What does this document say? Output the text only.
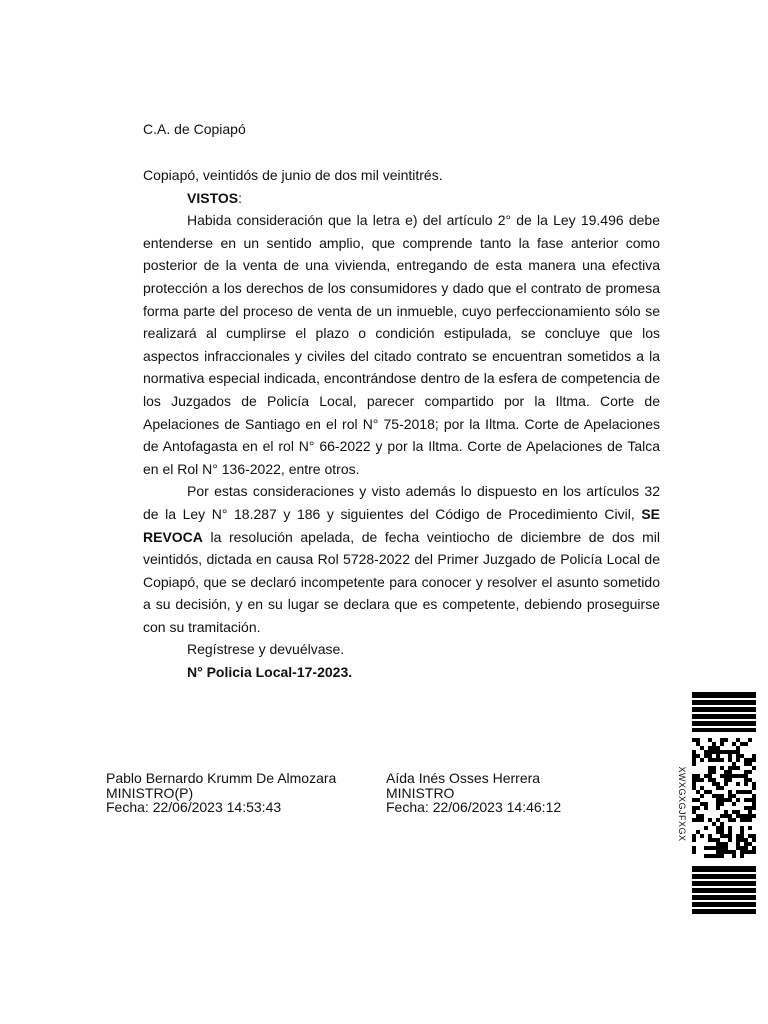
C.A. de Copiapó

Copiapó, veintidós de junio de dos mil veintitrés.

VISTOS:

Habida consideración que la letra e) del artículo 2° de la Ley 19.496 debe entenderse en un sentido amplio, que comprende tanto la fase anterior como posterior de la venta de una vivienda, entregando de esta manera una efectiva protección a los derechos de los consumidores y dado que el contrato de promesa forma parte del proceso de venta de un inmueble, cuyo perfeccionamiento sólo se realizará al cumplirse el plazo o condición estipulada, se concluye que los aspectos infraccionales y civiles del citado contrato se encuentran sometidos a la normativa especial indicada, encontrándose dentro de la esfera de competencia de los Juzgados de Policía Local, parecer compartido por la Iltma. Corte de Apelaciones de Santiago en el rol N° 75-2018; por la Iltma. Corte de Apelaciones de Antofagasta en el rol N° 66-2022 y por la Iltma. Corte de Apelaciones de Talca en el Rol N° 136-2022, entre otros.

Por estas consideraciones y visto además lo dispuesto en los artículos 32 de la Ley N° 18.287 y 186 y siguientes del Código de Procedimiento Civil, SE REVOCA la resolución apelada, de fecha veintiocho de diciembre de dos mil veintidós, dictada en causa Rol 5728-2022 del Primer Juzgado de Policía Local de Copiapó, que se declaró incompetente para conocer y resolver el asunto sometido a su decisión, y en su lugar se declara que es competente, debiendo proseguirse con su tramitación.

Regístrese y devuélvase.

N° Policia Local-17-2023.

Pablo Bernardo Krumm De Almozara
MINISTRO(P)
Fecha: 22/06/2023 14:53:43
Aída Inés Osses Herrera
MINISTRO
Fecha: 22/06/2023 14:46:12	XWXGXGJFXGX
